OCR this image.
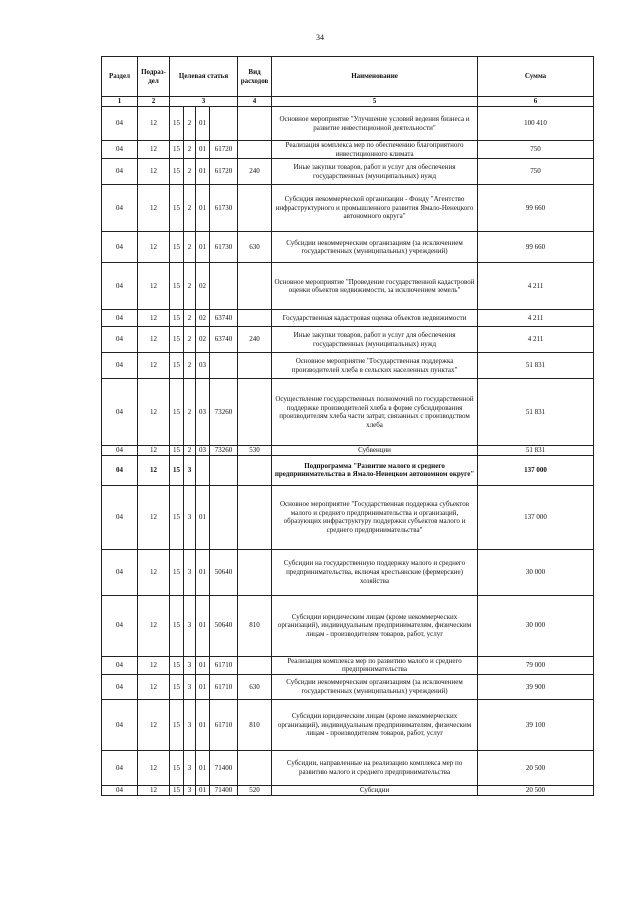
34
Раздел	Подраз-дел	Целевая статья				Вид расходов	Наименование	Сумма
1	2	3				4	5	6
04	12	15	2	01			Основное мероприятие "Улучшение условий ведения бизнеса и развитие инвестиционной деятельности"	100 410
04	12	15	2	01	61720		Реализация комплекса мер по обеспечению благоприятного инвестиционного климата	750
04	12	15	2	01	61720	240	Иные закупки товаров, работ и услуг для обеспечения государственных (муниципальных) нужд	750
04	12	15	2	01	61730		Субсидия некоммерческой организации - Фонду "Агентство инфраструктурного и промышленного развития Ямало-Ненецкого автономного округа"	99 660
04	12	15	2	01	61730	630	Субсидии некоммерческим организациям (за исключением государственных (муниципальных) учреждений)	99 660
04	12	15	2	02			Основное мероприятие "Проведение государственной кадастровой оценки объектов недвижимости, за исключением земель"	4 211
04	12	15	2	02	63740		Государственная кадастровая оценка объектов недвижимости	4 211
04	12	15	2	02	63740	240	Иные закупки товаров, работ и услуг для обеспечения государственных (муниципальных) нужд	4 211
04	12	15	2	03			Основное мероприятие "Государственная поддержка производителей хлеба в сельских населенных пунктах"	51 831
04	12	15	2	03	73260		Осуществление государственных полномочий по государственной поддержке производителей хлеба в форме субсидирования производителям хлеба части затрат, связанных с производством хлеба	51 831
04	12	15	2	03	73260	530	Субвенции	51 831
04	12	15	3				Подпрограмма "Развитие малого и среднего предпринимательства в Ямало-Ненецком автономном округе"	137 000
04	12	15	3	01			Основное мероприятие "Государственная поддержка субъектов малого и среднего предпринимательства и организаций, образующих инфраструктуру поддержки субъектов малого и среднего предпринимательства"	137 000
04	12	15	3	01	50640		Субсидии на государственную поддержку малого и среднего предпринимательства, включая крестьянские (фермерские) хозяйства	30 000
04	12	15	3	01	50640	810	Субсидии юридическим лицам (кроме некоммерческих организаций), индивидуальным предпринимателям, физическим лицам - производителям товаров, работ, услуг	30 000
04	12	15	3	01	61710		Реализация комплекса мер по развитию малого и среднего предпринимательства	79 000
04	12	15	3	01	61710	630	Субсидии некоммерческим организациям (за исключением государственных (муниципальных) учреждений)	39 900
04	12	15	3	01	61710	810	Субсидии юридическим лицам (кроме некоммерческих организаций), индивидуальным предпринимателям, физическим лицам - производителям товаров, работ, услуг	39 100
04	12	15	3	01	71400		Субсидии, направленные на реализацию комплекса мер по развитию малого и среднего предпринимательства	20 500
04	12	15	3	01	71400	520	Субсидии	20 500
